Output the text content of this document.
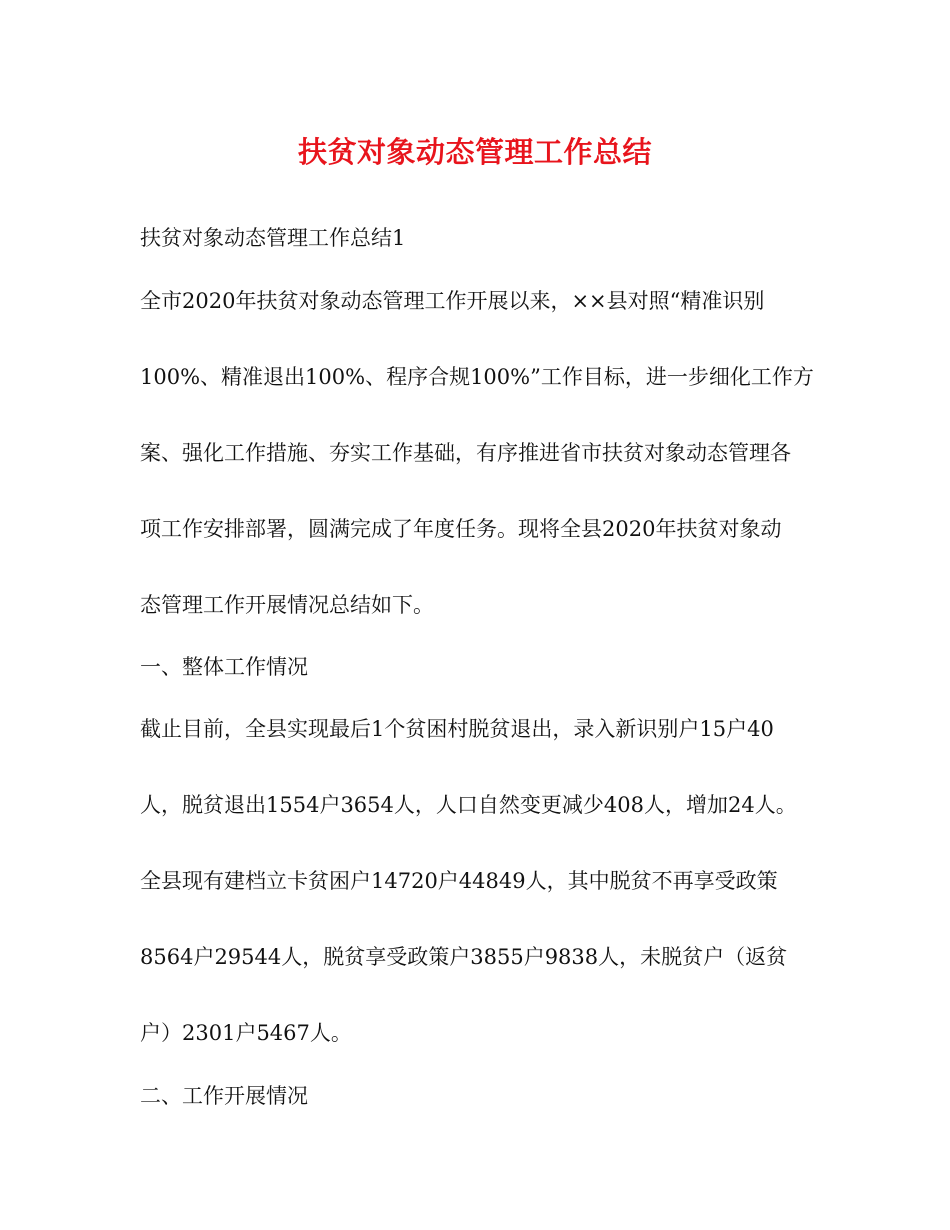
扶贫对象动态管理工作总结

扶贫对象动态管理工作总结1

全市2020年扶贫对象动态管理工作开展以来，××县对照“精准识别

100%、精准退出100%、程序合规100%”工作目标，进一步细化工作方

案、强化工作措施、夯实工作基础，有序推进省市扶贫对象动态管理各

项工作安排部署，圆满完成了年度任务。现将全县2020年扶贫对象动

态管理工作开展情况总结如下。

一、整体工作情况

截止目前，全县实现最后1个贫困村脱贫退出，录入新识别户15户40

人，脱贫退出1554户3654人，人口自然变更减少408人，增加24人。

全县现有建档立卡贫困户14720户44849人，其中脱贫不再享受政策

8564户29544人，脱贫享受政策户3855户9838人，未脱贫户（返贫

户）2301户5467人。

二、工作开展情况
